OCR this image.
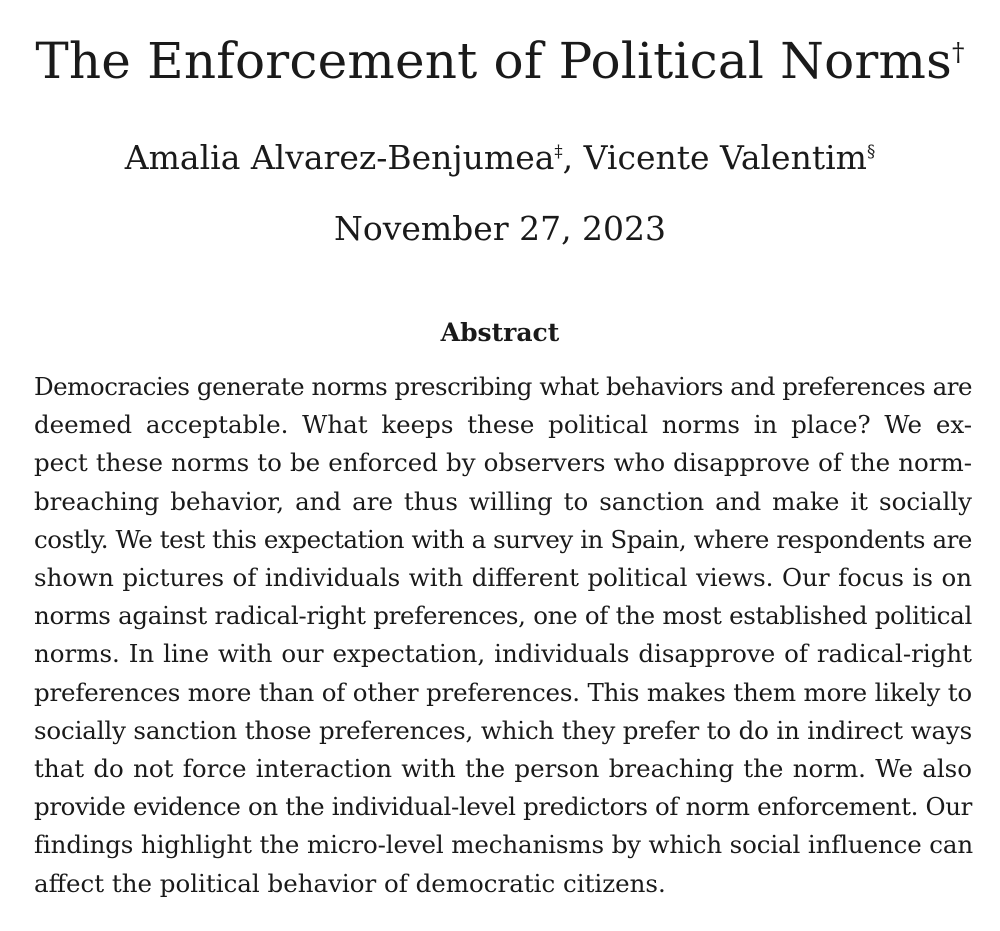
The Enforcement of Political Norms†
Amalia Alvarez-Benjumea‡, Vicente Valentim§
November 27, 2023
Abstract
Democracies generate norms prescribing what behaviors and preferences are
deemed acceptable. What keeps these political norms in place? We ex-
pect these norms to be enforced by observers who disapprove of the norm-
breaching behavior, and are thus willing to sanction and make it socially
costly. We test this expectation with a survey in Spain, where respondents are
shown pictures of individuals with different political views. Our focus is on
norms against radical-right preferences, one of the most established political
norms. In line with our expectation, individuals disapprove of radical-right
preferences more than of other preferences. This makes them more likely to
socially sanction those preferences, which they prefer to do in indirect ways
that do not force interaction with the person breaching the norm. We also
provide evidence on the individual-level predictors of norm enforcement. Our
findings highlight the micro-level mechanisms by which social influence can
affect the political behavior of democratic citizens.
